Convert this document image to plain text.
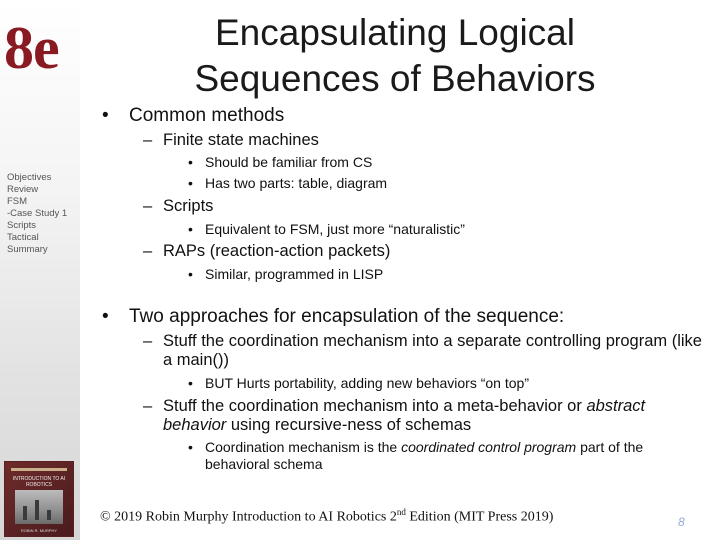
8e
Objectives
Review
FSM
-Case Study 1
Scripts
Tactical
Summary
INTRODUCTION TO AI ROBOTICS
ROBIN R. MURPHY
Encapsulating Logical
Sequences of Behaviors
• Common methods
– Finite state machines
• Should be familiar from CS
• Has two parts: table, diagram
– Scripts
• Equivalent to FSM, just more “naturalistic”
– RAPs (reaction-action packets)
• Similar, programmed in LISP
• Two approaches for encapsulation of the sequence:
– Stuff the coordination mechanism into a separate controlling program (like a main())
• BUT Hurts portability, adding new behaviors “on top”
– Stuff the coordination mechanism into a meta-behavior or abstract behavior using recursive-ness of schemas
• Coordination mechanism is the coordinated control program part of the behavioral schema
© 2019 Robin Murphy Introduction to AI Robotics 2nd Edition (MIT Press 2019)	8
